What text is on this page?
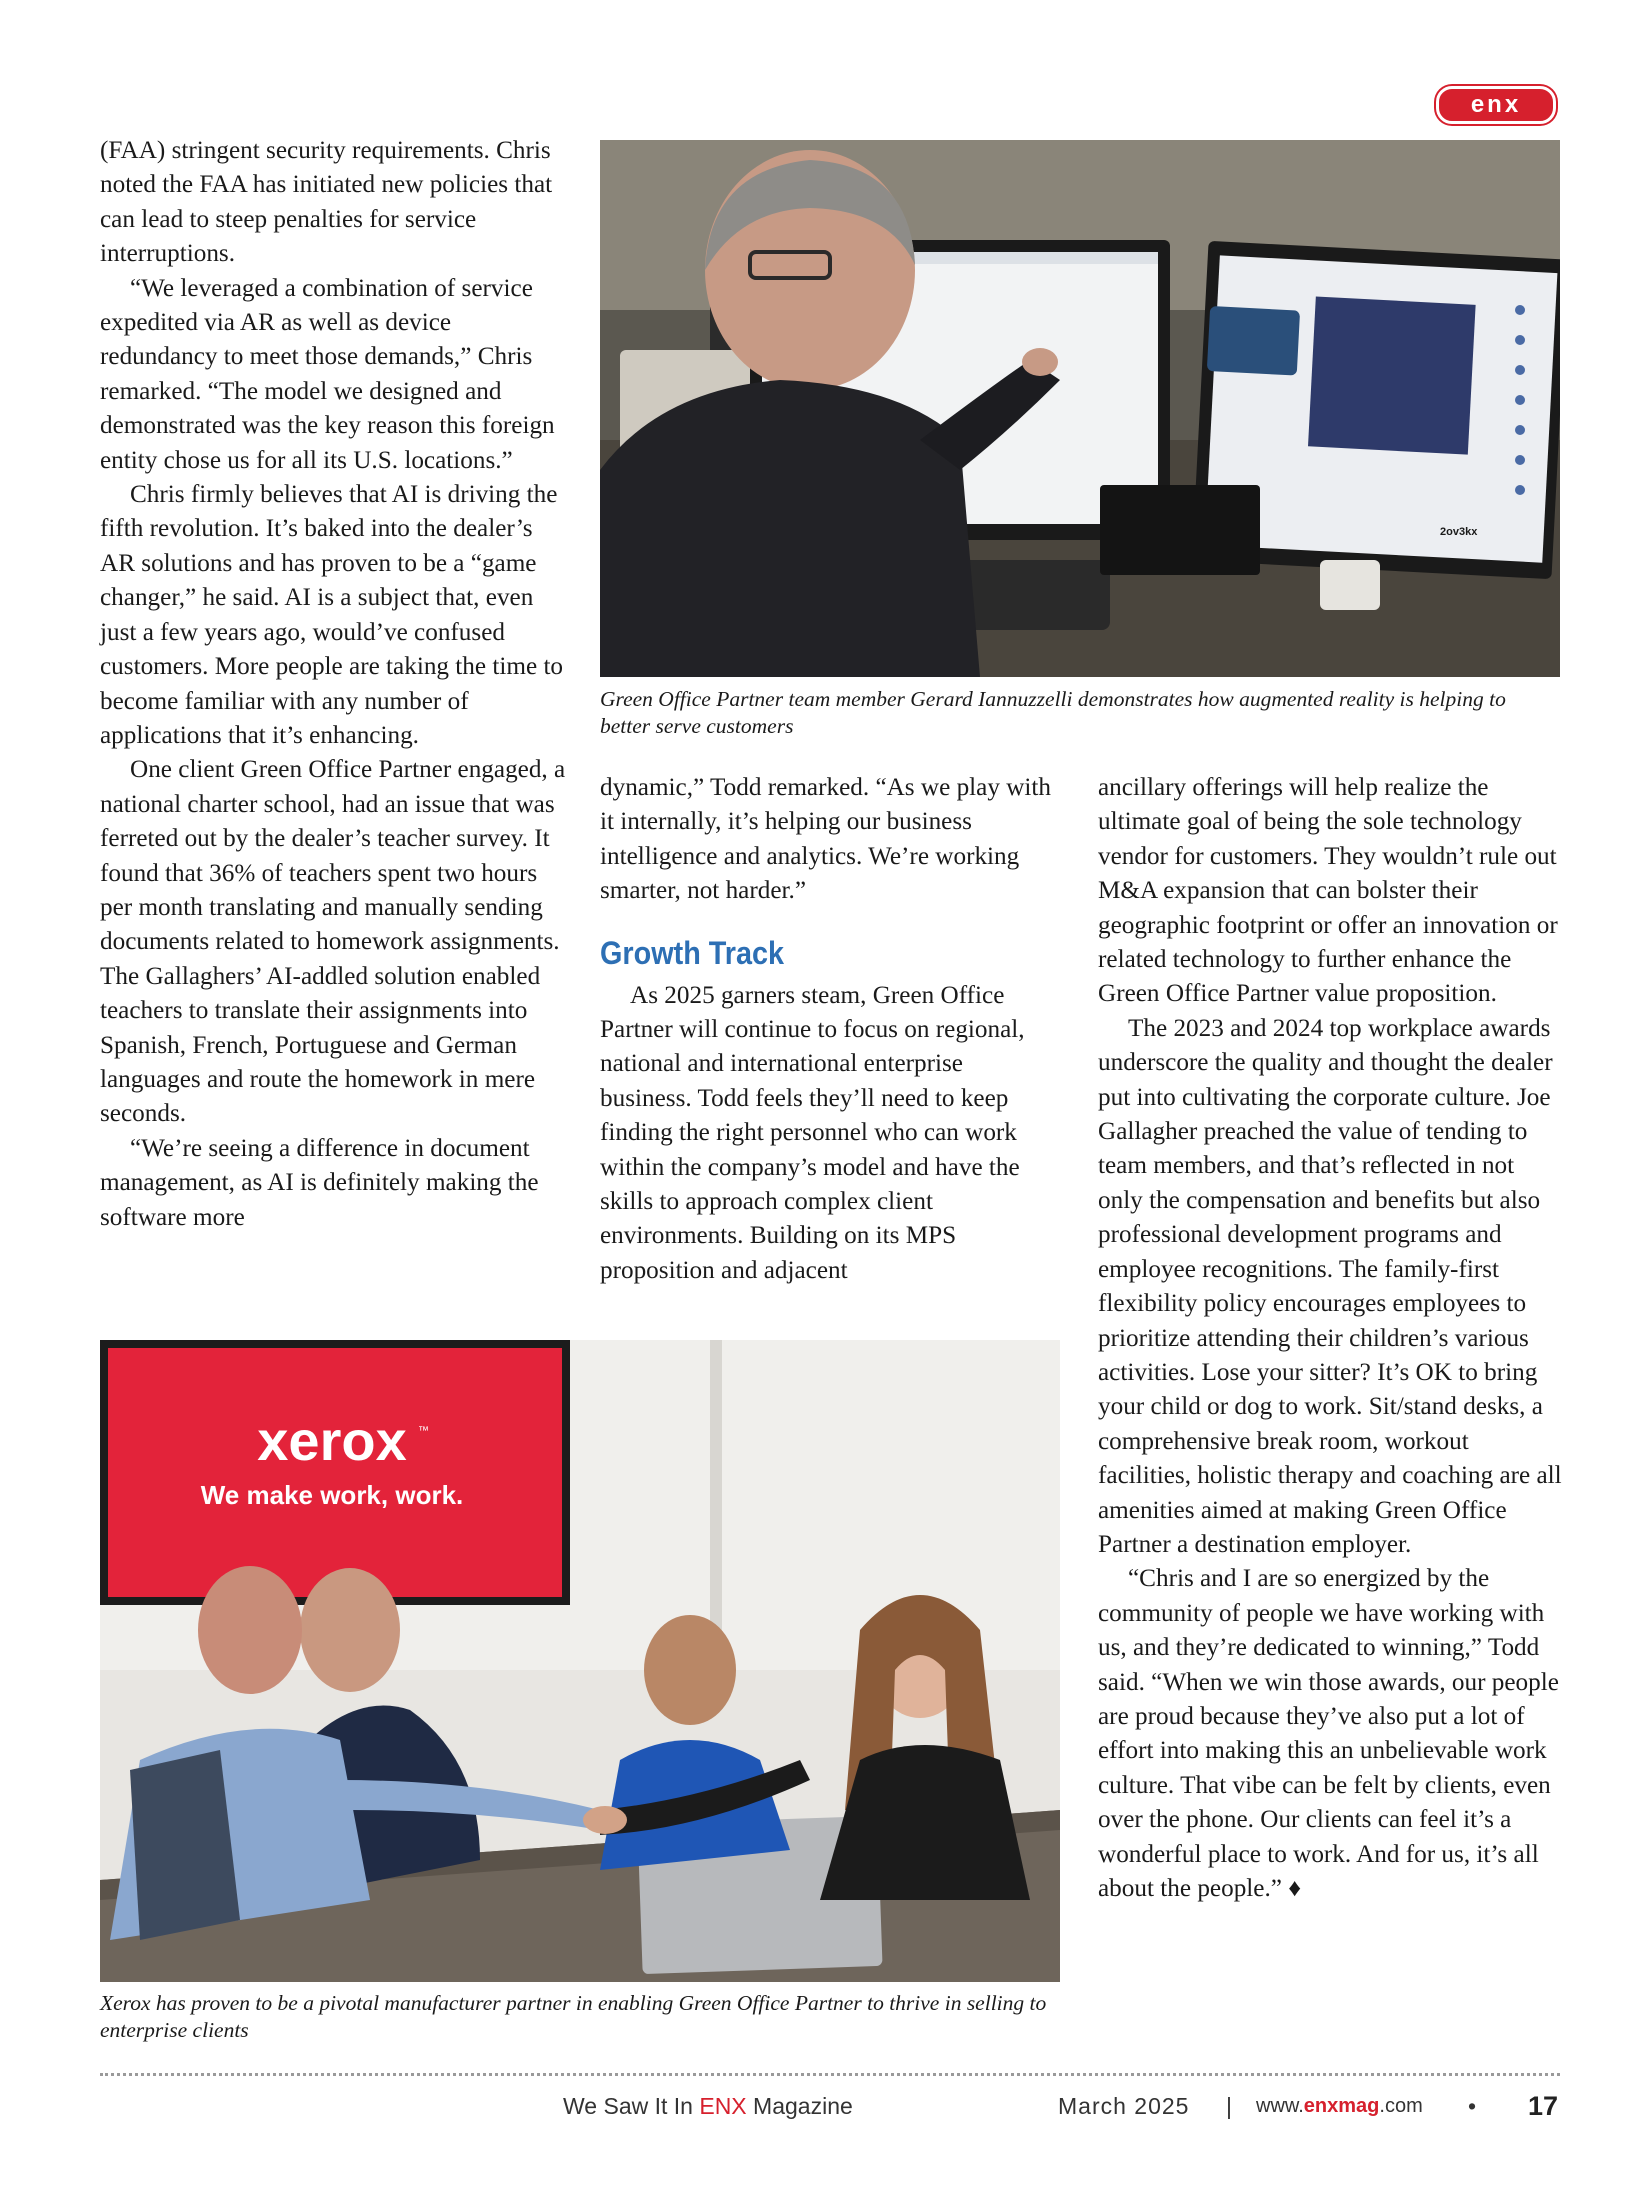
enx
2ov3kx

Green Office Partner team member Gerard Iannuzzelli demonstrates how augmented reality is helping to better serve customers

(FAA) stringent security requirements. Chris noted the FAA has initiated new policies that can lead to steep penalties for service interruptions.

“We leveraged a combination of service expedited via AR as well as device redundancy to meet those demands,” Chris remarked. “The model we designed and demonstrated was the key reason this foreign entity chose us for all its U.S. locations.”

Chris firmly believes that AI is driving the fifth revolution. It’s baked into the dealer’s AR solutions and has proven to be a “game changer,” he said. AI is a subject that, even just a few years ago, would’ve confused customers. More people are taking the time to become familiar with any number of applications that it’s enhancing.

One client Green Office Partner engaged, a national charter school, had an issue that was ferreted out by the dealer’s teacher survey. It found that 36% of teachers spent two hours per month translating and manually sending documents related to homework assignments. The Gallaghers’ AI-addled solution enabled teachers to translate their assignments into Spanish, French, Portuguese and German languages and route the homework in mere seconds.

“We’re seeing a difference in document management, as AI is definitely making the software more

dynamic,” Todd remarked. “As we play with it internally, it’s helping our business intelligence and analytics. We’re working smarter, not harder.”

Growth Track

As 2025 garners steam, Green Office Partner will continue to focus on regional, national and international enterprise business. Todd feels they’ll need to keep finding the right personnel who can work within the company’s model and have the skills to approach complex client environments. Building on its MPS proposition and adjacent

ancillary offerings will help realize the ultimate goal of being the sole technology vendor for customers. They wouldn’t rule out M&A expansion that can bolster their geographic footprint or offer an innovation or related technology to further enhance the Green Office Partner value proposition.

The 2023 and 2024 top workplace awards underscore the quality and thought the dealer put into cultivating the corporate culture. Joe Gallagher preached the value of tending to team members, and that’s reflected in not only the compensation and benefits but also professional development programs and employee recognitions. The family-first flexibility policy encourages employees to prioritize attending their children’s various activities. Lose your sitter? It’s OK to bring your child or dog to work. Sit/stand desks, a comprehensive break room, workout facilities, holistic therapy and coaching are all amenities aimed at making Green Office Partner a destination employer.

“Chris and I are so energized by the community of people we have working with us, and they’re dedicated to winning,” Todd said. “When we win those awards, our people are proud because they’ve also put a lot of effort into making this an unbelievable work culture. That vibe can be felt by clients, even over the phone. Our clients can feel it’s a wonderful place to work. And for us, it’s all about the people.” ♦

xerox ™
We make work, work.

Xerox has proven to be a pivotal manufacturer partner in enabling Green Office Partner to thrive in selling to enterprise clients

We Saw It In ENX Magazine	March 2025 | www.enxmag.com • 17
